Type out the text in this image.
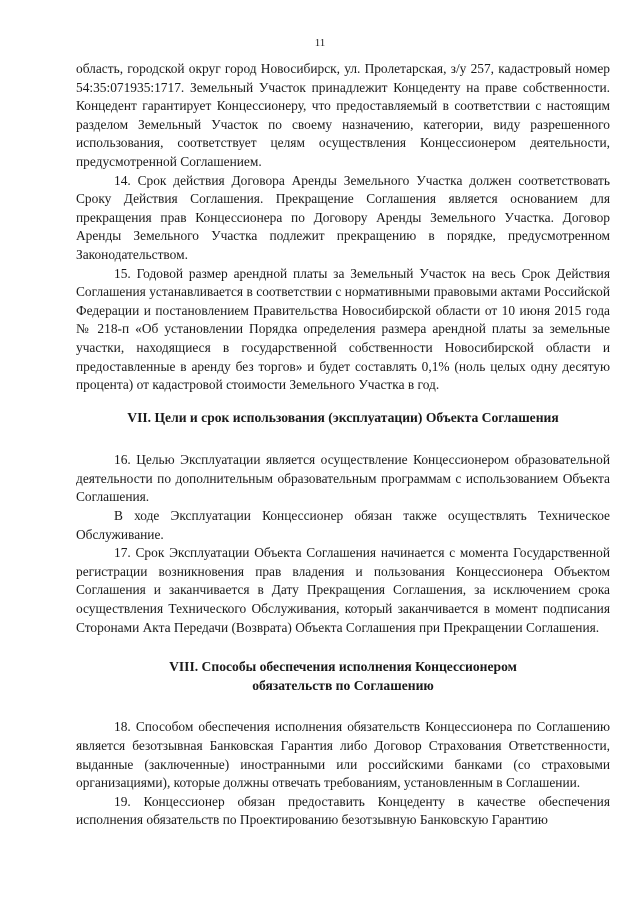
11

область, городской округ город Новосибирск, ул. Пролетарская, з/у 257, кадастровый номер 54:35:071935:1717. Земельный Участок принадлежит Концеденту на праве собственности. Концедент гарантирует Концессионеру, что предоставляемый в соответствии с настоящим разделом Земельный Участок по своему назначению, категории, виду разрешенного использования, соответствует целям осуществления Концессионером деятельности, предусмотренной Соглашением.

14. Срок действия Договора Аренды Земельного Участка должен соответствовать Сроку Действия Соглашения. Прекращение Соглашения является основанием для прекращения прав Концессионера по Договору Аренды Земельного Участка. Договор Аренды Земельного Участка подлежит прекращению в порядке, предусмотренном Законодательством.

15. Годовой размер арендной платы за Земельный Участок на весь Срок Действия Соглашения устанавливается в соответствии с нормативными правовыми актами Российской Федерации и постановлением Правительства Новосибирской области от 10 июня 2015 года № 218-п «Об установлении Порядка определения размера арендной платы за земельные участки, находящиеся в государственной собственности Новосибирской области и предоставленные в аренду без торгов» и будет составлять 0,1% (ноль целых одну десятую процента) от кадастровой стоимости Земельного Участка в год.

VII. Цели и срок использования (эксплуатации) Объекта Соглашения

16. Целью Эксплуатации является осуществление Концессионером образовательной деятельности по дополнительным образовательным программам с использованием Объекта Соглашения.

В ходе Эксплуатации Концессионер обязан также осуществлять Техническое Обслуживание.

17. Срок Эксплуатации Объекта Соглашения начинается с момента Государственной регистрации возникновения прав владения и пользования Концессионера Объектом Соглашения и заканчивается в Дату Прекращения Соглашения, за исключением срока осуществления Технического Обслуживания, который заканчивается в момент подписания Сторонами Акта Передачи (Возврата) Объекта Соглашения при Прекращении Соглашения.

VIII. Способы обеспечения исполнения Концессионером
обязательств по Соглашению

18. Способом обеспечения исполнения обязательств Концессионера по Соглашению является безотзывная Банковская Гарантия либо Договор Страхования Ответственности, выданные (заключенные) иностранными или российскими банками (со страховыми организациями), которые должны отвечать требованиям, установленным в Соглашении.

19. Концессионер обязан предоставить Концеденту в качестве обеспечения исполнения обязательств по Проектированию безотзывную Банковскую Гарантию
